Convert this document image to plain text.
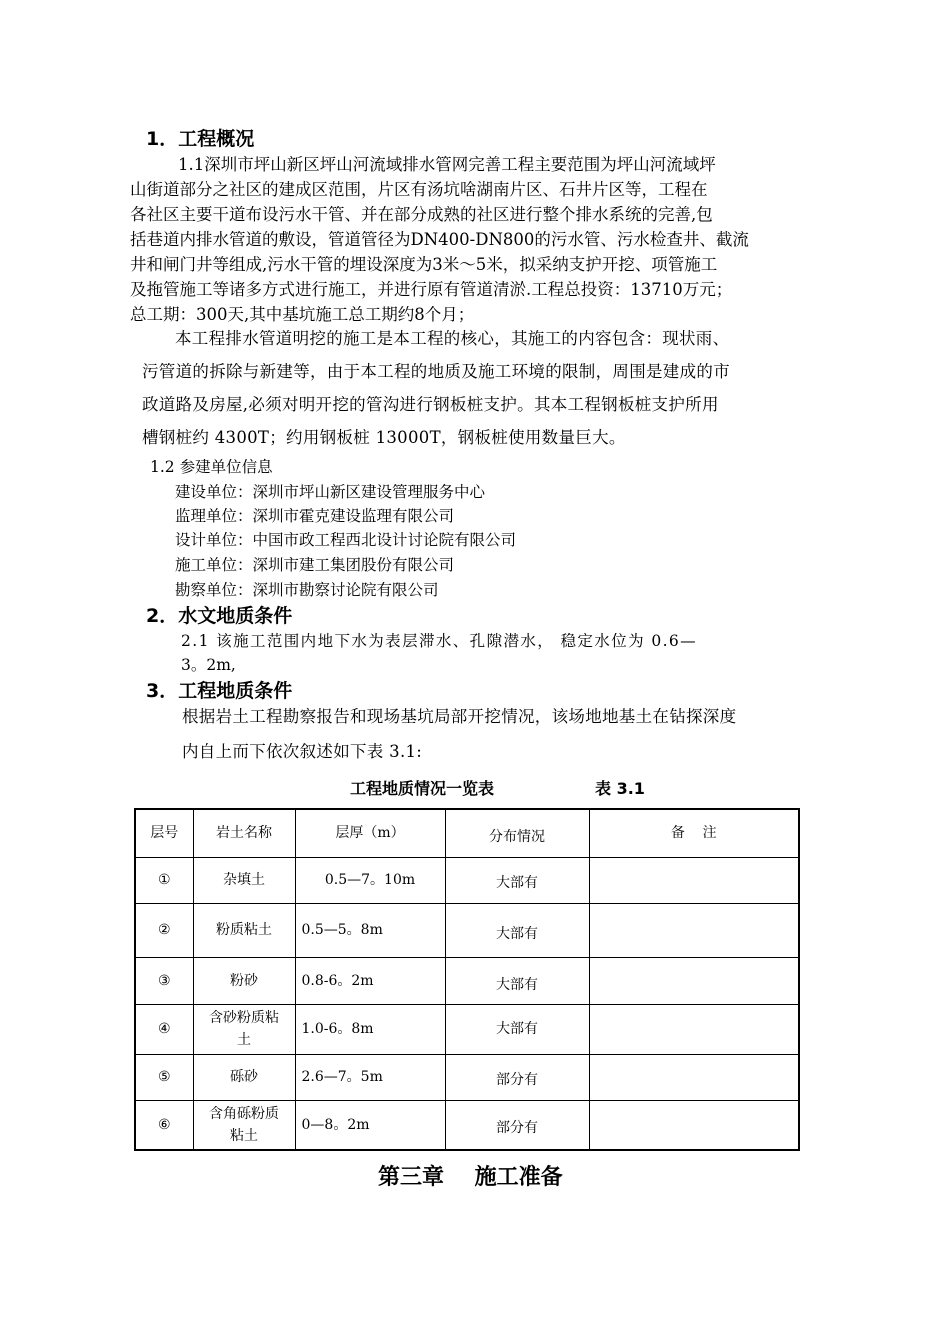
1．工程概况
1.1深圳市坪山新区坪山河流域排水管网完善工程主要范围为坪山河流域坪
山街道部分之社区的建成区范围，片区有汤坑啥湖南片区、石井片区等，工程在
各社区主要干道布设污水干管、并在部分成熟的社区进行整个排水系统的完善,包
括巷道内排水管道的敷设，管道管径为DN400-DN800的污水管、污水检查井、截流
井和闸门井等组成,污水干管的埋设深度为3米～5米，拟采纳支护开挖、项管施工
及拖管施工等诸多方式进行施工，并进行原有管道清淤.工程总投资：13710万元；
总工期：300天,其中基坑施工总工期约8个月；
本工程排水管道明挖的施工是本工程的核心，其施工的内容包含：现状雨、
污管道的拆除与新建等，由于本工程的地质及施工环境的限制，周围是建成的市
政道路及房屋,必须对明开挖的管沟进行钢板桩支护。其本工程钢板桩支护所用
槽钢桩约 4300T；约用钢板桩 13000T，钢板桩使用数量巨大。
1.2 参建单位信息
建设单位：深圳市坪山新区建设管理服务中心
监理单位：深圳市霍克建设监理有限公司
设计单位：中国市政工程西北设计讨论院有限公司
施工单位：深圳市建工集团股份有限公司
勘察单位：深圳市勘察讨论院有限公司
2．水文地质条件
2.1 该施工范围内地下水为表层滞水、孔隙潜水， 稳定水位为 0.6—
3。2m,
3．工程地质条件
根据岩土工程勘察报告和现场基坑局部开挖情况，该场地地基土在钻探深度
内自上而下依次叙述如下表 3.1:
工程地质情况一览表	表 3.1
层号	岩土名称	层厚（m）	分布情况	备    注
①	杂填土	0.5—7。10m	大部有	
②	粉质粘土	0.5—5。8m	大部有	
③	粉砂	0.8-6。2m	大部有	
④	含砂粉质粘土	1.0-6。8m	大部有	
⑤	砾砂	2.6—7。5m	部分有	
⑥	含角砾粉质粘土	0—8。2m	部分有	
第三章    施工准备
